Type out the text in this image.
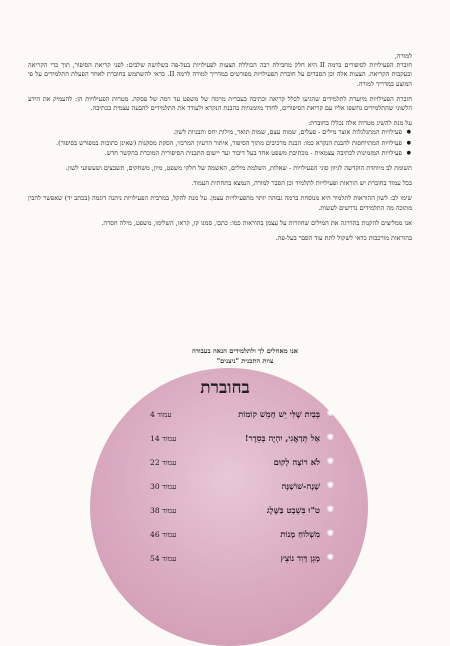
למורה,

חוברת הפעילויות לסיפורים ברמה II היא חלק מחבילת רבה הכוללת הצעות לפעילויות בעל-פה בשלושה שלבים: לפני קריאת הסיפור, תוך כדי הקריאה ובעקבות הקריאה. הצעות אלה וכן הסברים על חוברת הפעילויות מפורטים במדריך למורה לרמה II. כדאי להשתמש בחוברת לאחר הפעלת התלמידים על פי המוצע במדריך למורה.

חוברת הפעילויות מיועדת לתלמידים שהגיעו לכלל קריאה וכתיבה בעברית מרמה של משפט עד רמה של פסקה. מטרות הפעילויות הן: להעמיק את הידע הלשוני שהתלמידים נחשפו אליו עם קריאת הסיפורים, לחדד מיומנויות בהבנת הנקרא ולעודד את התלמידים להבעה עצמית בכתיבה.

על מנת להשיג מטרות אלה נכללו בחוברת:

● פעילויות המתגלגלות אוצר מילים - פעלים, שמות עצם, שמות תואר, מילות יחס ותבניות לשון.
● פעילויות המתייחסות להבנת הנקרא כמו: הבנת מרכיבים מתוך הסיפור, איתור הרעיון המרכזי, הסקת מסקנות (שאינן כתובות במפורש בסיפור).
● פעילויות המזמינות לכתיבה עצמאית - מכתיבת משפט אחד בעל דיבור ועד יישום התבנית הסיפורית המוכרת בהקשר חדש.

תשומת לב מיוחדת הוקדשה לגיוון סוגי הפעילויות - שאלות, השלמת מילים, האשמה של חלקי משפט, מיון, משחקים, תשבצים ושעשועי לשון.

בכל עמוד בחוברת יש הוראות ופעילויות לתלמיד וכן הסבר למורה, הנמצא בתחתית העמוד.

שימו לב: לשון ההוראות לתלמיד היא מנוסחת ברמה גבוהה יותר מהפעילויות עצמן. על מנת להקל, במרבית הפעילויות ניתנה דוגמה (בכתב יד) שאפשר להבין מתוכה מה התלמידים נדרשים לעשות.

אנו ממליצים להקנות בהדרגה את המילים שחוזרות על עצמן בהוראות כמו: כתבו, סמנו קו, קראו, השלימו, משפט, מילה חסרה.

בהוראות מורכבות כדאי לשקול לתת עוד הסבר בעל-פה.

אנו מאחלים לך ולתלמידים הנאה בעבודה
צוות התכנית "ניצנים"
בחוברת
✺
בְּבַיִת שֶׁלִּי יֵשׁ חָמֵשׁ קוֹמוֹת
עמוד 4
✺
אַל תְּדַאֲגִי, יִהְיֶה בְּסֵדֶר!
עמוד 14
✺
לֹא רוֹצָה לָקוּם
עמוד 22
✺
שָׁנָה-שׁוֹשַׁנָּה
עמוד 30
✺
ט"וּ בִּשְׁבָט בַּשֶּׁלֶג
עמוד 38
✺
מִשְׁלוֹחַ מָנוֹת
עמוד 46
✺
מָגֵן דָּוִד נוֹצֵץ
עמוד 54
